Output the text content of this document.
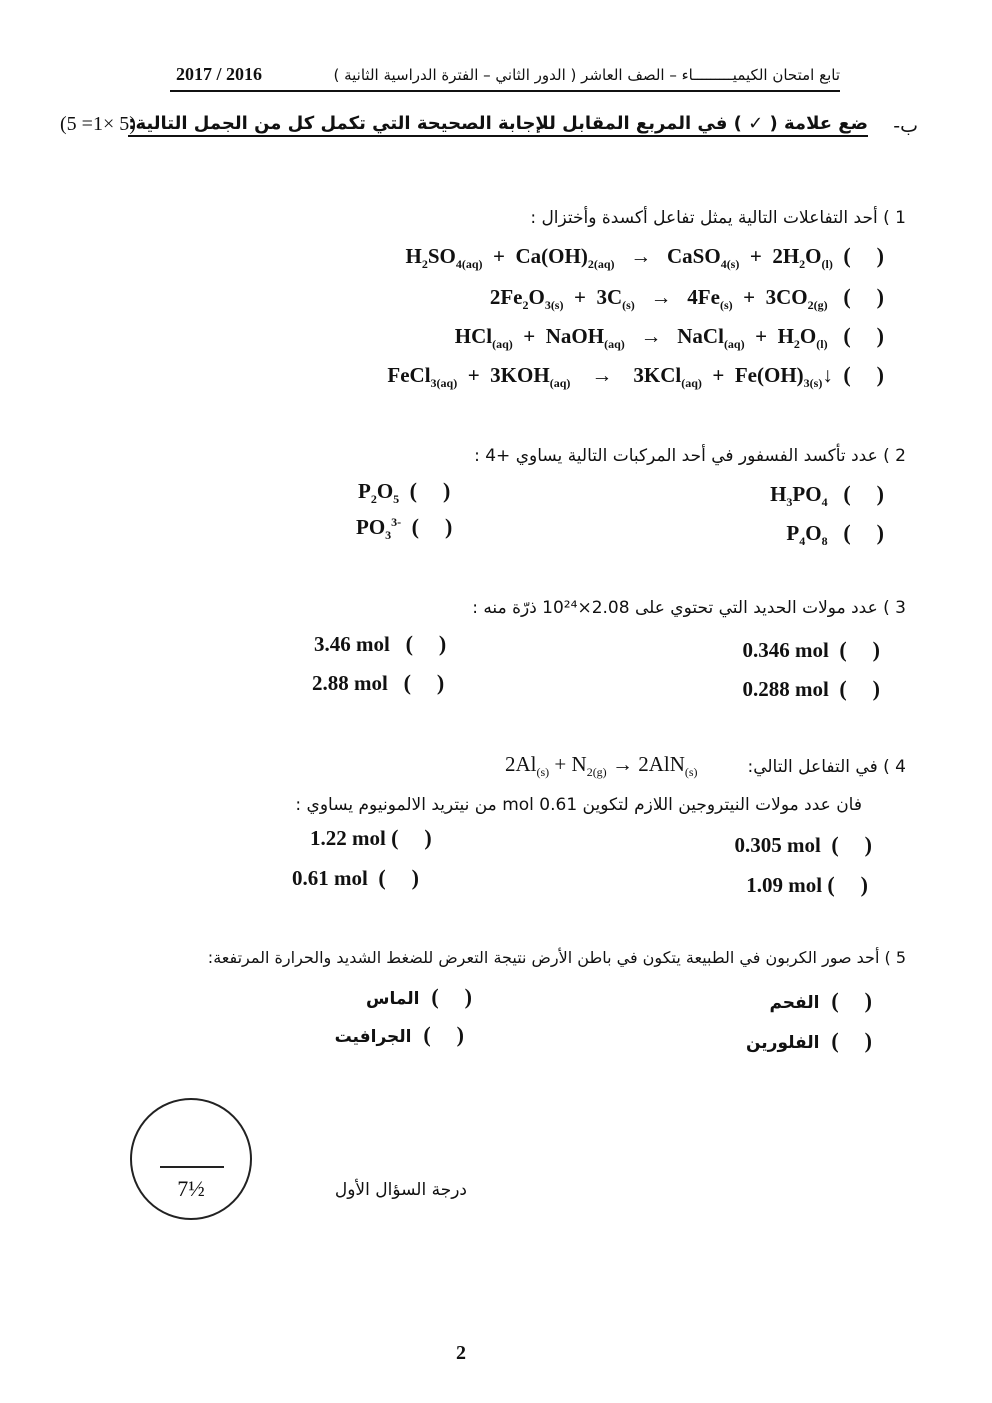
2017 / 2016	تابع امتحان الكيميـــــــــاء – الصف العاشر ( الدور الثاني – الفترة الدراسية الثانية )
ب-
ضع علامة ( ✓ ) في المربع المقابل للإجابة الصحيحة التي تكمل كل من الجمل التالية:
(5 =1× 5)
1 ) أحد التفاعلات التالية يمثل تفاعل أكسدة وأختزال :
$H_2SO_{4(aq)} + Ca(OH)_{2(aq)}$   →   CaSO$_{4(s)}$  +  $2H_2O_{(l)}$ ( )
$2Fe_2O_{3(s)} + 3C_{(s)} \to 4Fe_{(s)} + 3CO_{2(g)}$ ( )
HCl$_{(aq)}$  +  NaOH$_{(aq)}$   →   NaCl$_{(aq)}$  +  $H_2O_{(l)}$ ( )
FeCl$_{3(aq)}$  +  $3KOH_{(aq)}$    →    $3KCl_{(aq)} + Fe(OH)_{3(s)}↓$  ( )
2 ) عدد تأكسد الفسفور في أحد المركبات التالية يساوي +4 :
$H_3PO_4$ ( )
$P_2O_5$ ( )
$P_4O_8$ ( )
$PO_3^{3-}$ ( )
3 ) عدد مولات الحديد التي تحتوي على 2.08×10²⁴ ذرّة منه :
0.346 mol ( )
3.46 mol ( )
0.288 mol ( )
2.88 mol ( )
4 ) في التفاعل التالي:
$2Al_{(s)} + N_{2(g)} \to 2AlN_{(s)}$
فان عدد مولات النيتروجين اللازم لتكوين 0.61 mol من نيتريد الالمونيوم يساوي :
0.305 mol ( )
1.22 mol ( )
1.09 mol ( )
0.61 mol ( )
5 ) أحد صور الكربون في الطبيعة يتكون في باطن الأرض نتيجة التعرض للضغط الشديد والحرارة المرتفعة:
()  الفحم
()  الماس
()  الفلورين
()  الجرافيت
7½	درجة السؤال الأول
2
